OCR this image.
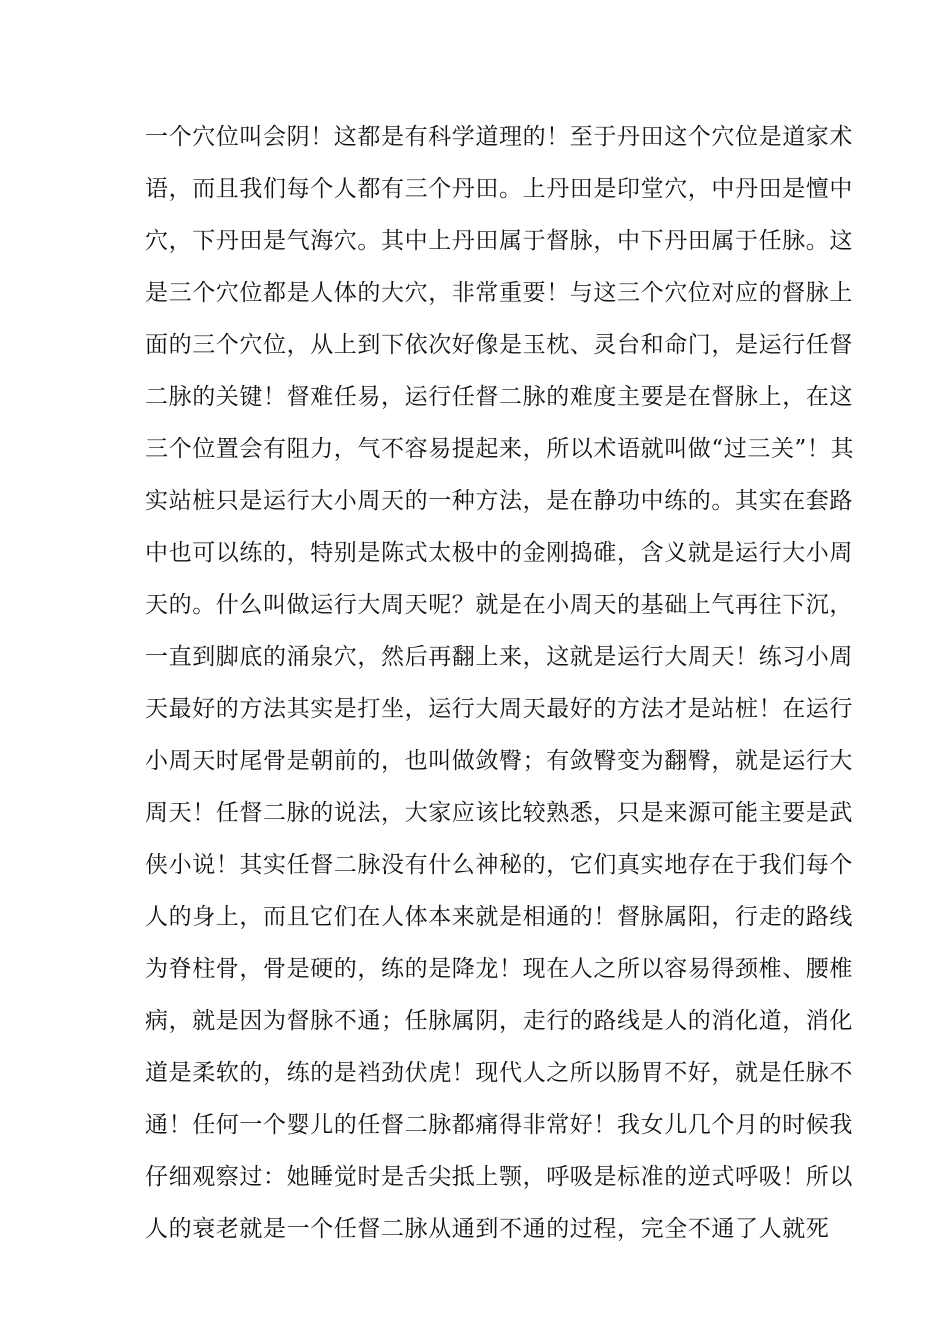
一个穴位叫会阴！这都是有科学道理的！至于丹田这个穴位是道家术
语，而且我们每个人都有三个丹田。上丹田是印堂穴，中丹田是憻中
穴，下丹田是气海穴。其中上丹田属于督脉，中下丹田属于任脉。这
是三个穴位都是人体的大穴，非常重要！与这三个穴位对应的督脉上
面的三个穴位，从上到下依次好像是玉枕、灵台和命门，是运行任督
二脉的关键！督难任易，运行任督二脉的难度主要是在督脉上，在这
三个位置会有阻力，气不容易提起来，所以术语就叫做“过三关”！其
实站桩只是运行大小周天的一种方法，是在静功中练的。其实在套路
中也可以练的，特别是陈式太极中的金刚捣碓，含义就是运行大小周
天的。什么叫做运行大周天呢？就是在小周天的基础上气再往下沉，
一直到脚底的涌泉穴，然后再翻上来，这就是运行大周天！练习小周
天最好的方法其实是打坐，运行大周天最好的方法才是站桩！在运行
小周天时尾骨是朝前的，也叫做敛臀；有敛臀变为翻臀，就是运行大
周天！任督二脉的说法，大家应该比较熟悉，只是来源可能主要是武
侠小说！其实任督二脉没有什么神秘的，它们真实地存在于我们每个
人的身上，而且它们在人体本来就是相通的！督脉属阳，行走的路线
为脊柱骨，骨是硬的，练的是降龙！现在人之所以容易得颈椎、腰椎
病，就是因为督脉不通；任脉属阴，走行的路线是人的消化道，消化
道是柔软的，练的是裆劲伏虎！现代人之所以肠胃不好，就是任脉不
通！任何一个婴儿的任督二脉都痛得非常好！我女儿几个月的时候我
仔细观察过：她睡觉时是舌尖抵上颚，呼吸是标准的逆式呼吸！所以
人的衰老就是一个任督二脉从通到不通的过程，完全不通了人就死
